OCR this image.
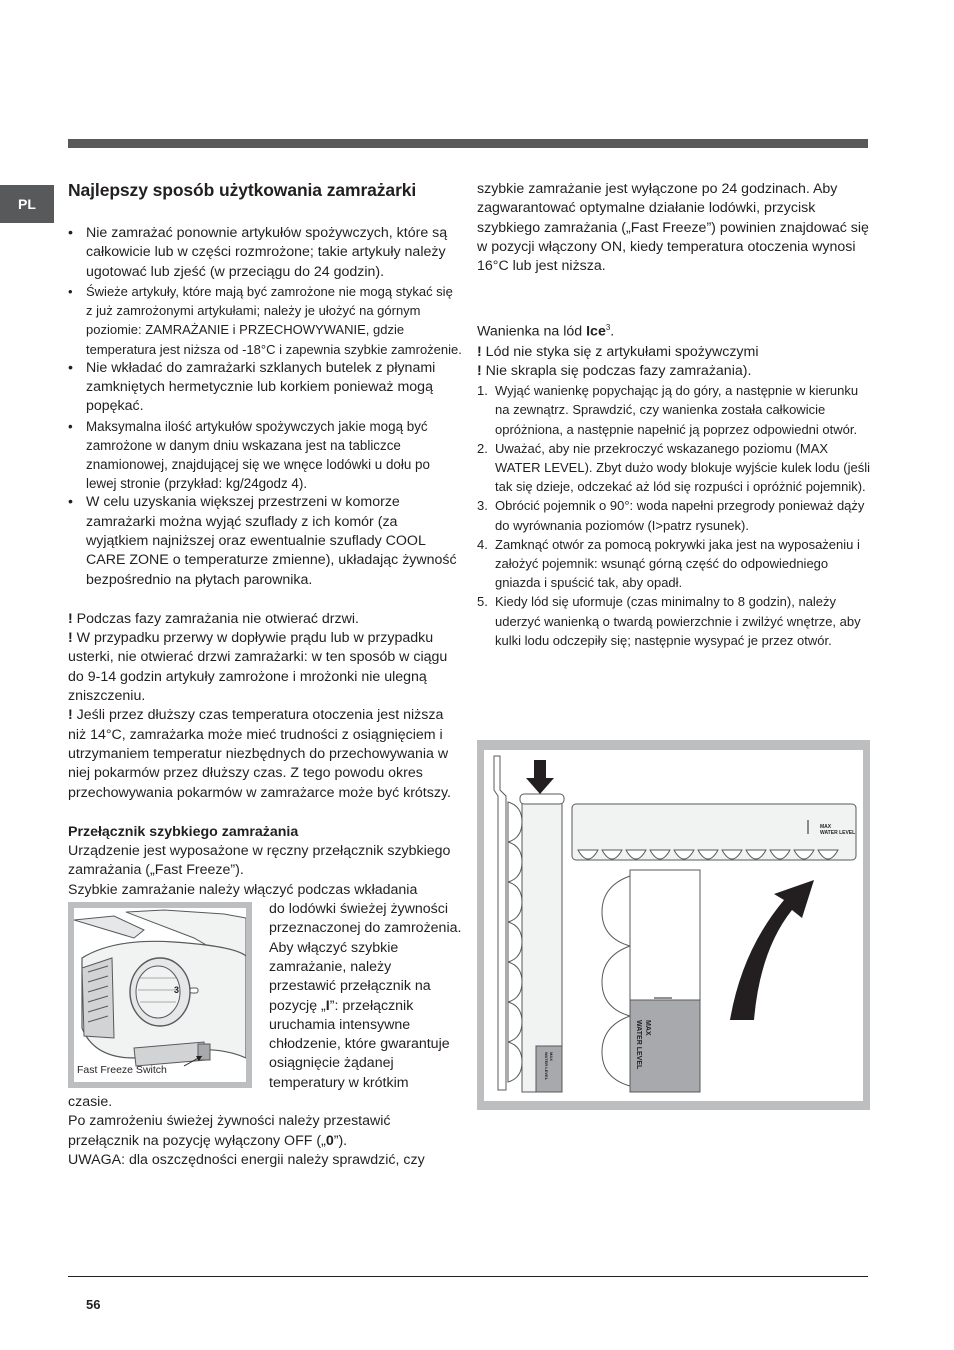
PL
Najlepszy sposób użytkowania zamrażarki
• Nie zamrażać ponownie artykułów spożywczych, które są całkowicie lub w części rozmrożone; takie artykuły należy ugotować lub zjeść (w przeciągu do 24 godzin).
• Świeże artykuły, które mają być zamrożone nie mogą stykać się z już zamrożonymi artykułami; należy je ułożyć na górnym poziomie: ZAMRAŻANIE i PRZECHOWYWANIE, gdzie temperatura jest niższa od -18°C i zapewnia szybkie zamrożenie.
• Nie wkładać do zamrażarki szklanych butelek z płynami zamkniętych hermetycznie lub korkiem ponieważ mogą popękać.
• Maksymalna ilość artykułów spożywczych jakie mogą być zamrożone w danym dniu wskazana jest na tabliczce znamionowej, znajdującej się we wnęce lodówki u dołu po lewej stronie (przykład: kg/24godz 4).
• W celu uzyskania większej przestrzeni w komorze zamrażarki można wyjąć szuflady z ich komór (za wyjątkiem najniższej oraz ewentualnie szuflady COOL CARE ZONE o temperaturze zmienne), układając żywność bezpośrednio na płytach parownika.

! Podczas fazy zamrażania nie otwierać drzwi.

! W przypadku przerwy w dopływie prądu lub w przypadku usterki, nie otwierać drzwi zamrażarki: w ten sposób w ciągu do 9-14 godzin artykuły zamrożone i mrożonki nie ulegną zniszczeniu.

! Jeśli przez dłuższy czas temperatura otoczenia jest niższa niż 14°C, zamrażarka może mieć trudności z osiągnięciem i utrzymaniem temperatur niezbędnych do przechowywania w niej pokarmów przez dłuższy czas. Z tego powodu okres przechowywania pokarmów w zamrażarce może być krótszy.

Przełącznik szybkiego zamrażania

Urządzenie jest wyposażone w ręczny przełącznik szybkiego zamrażania („Fast Freeze”).

Szybkie zamrażanie należy włączyć podczas wkładania

3
Fast Freeze Switch

do lodówki świeżej żywności przeznaczonej do zamrożenia.

Aby włączyć szybkie zamrażanie, należy przestawić przełącznik na pozycję „I”: przełącznik uruchamia intensywne chłodzenie, które gwarantuje osiągnięcie żądanej temperatury w krótkim

czasie.

Po zamrożeniu świeżej żywności należy przestawić przełącznik na pozycję wyłączony OFF („0”).

UWAGA: dla oszczędności energii należy sprawdzić, czy

szybkie zamrażanie jest wyłączone po 24 godzinach. Aby zagwarantować optymalne działanie lodówki, przycisk szybkiego zamrażania („Fast Freeze”) powinien znajdować się w pozycji włączony ON, kiedy temperatura otoczenia wynosi 16°C lub jest niższa.

Wanienka na lód Ice$^3$.

! Lód nie styka się z artykułami spożywczymi

! Nie skrapla się podczas fazy zamrażania).

1. Wyjąć wanienkę popychając ją do góry, a następnie w kierunku na zewnątrz. Sprawdzić, czy wanienka została całkowicie opróżniona, a następnie napełnić ją poprzez odpowiedni otwór.
2. Uważać, aby nie przekroczyć wskazanego poziomu (MAX WATER LEVEL). Zbyt dużo wody blokuje wyjście kulek lodu (jeśli tak się dzieje, odczekać aż lód się rozpuści i opróżnić pojemnik).
3. Obrócić pojemnik o 90°: woda napełni przegrody ponieważ dąży do wyrównania poziomów (I>patrz rysunek).
4. Zamknąć otwór za pomocą pokrywki jaka jest na wyposażeniu i założyć pojemnik: wsunąć górną część do odpowiedniego gniazda i spuścić tak, aby opadł.
5. Kiedy lód się uformuje (czas minimalny to 8 godzin), należy uderzyć wanienką o twardą powierzchnie i zwilżyć wnętrze, aby kulki lodu odczepiły się; następnie wysypać je przez otwór.
MAX
WATER LEVEL
MAX
WATER LEVEL
MAX
WATER LEVEL
56
